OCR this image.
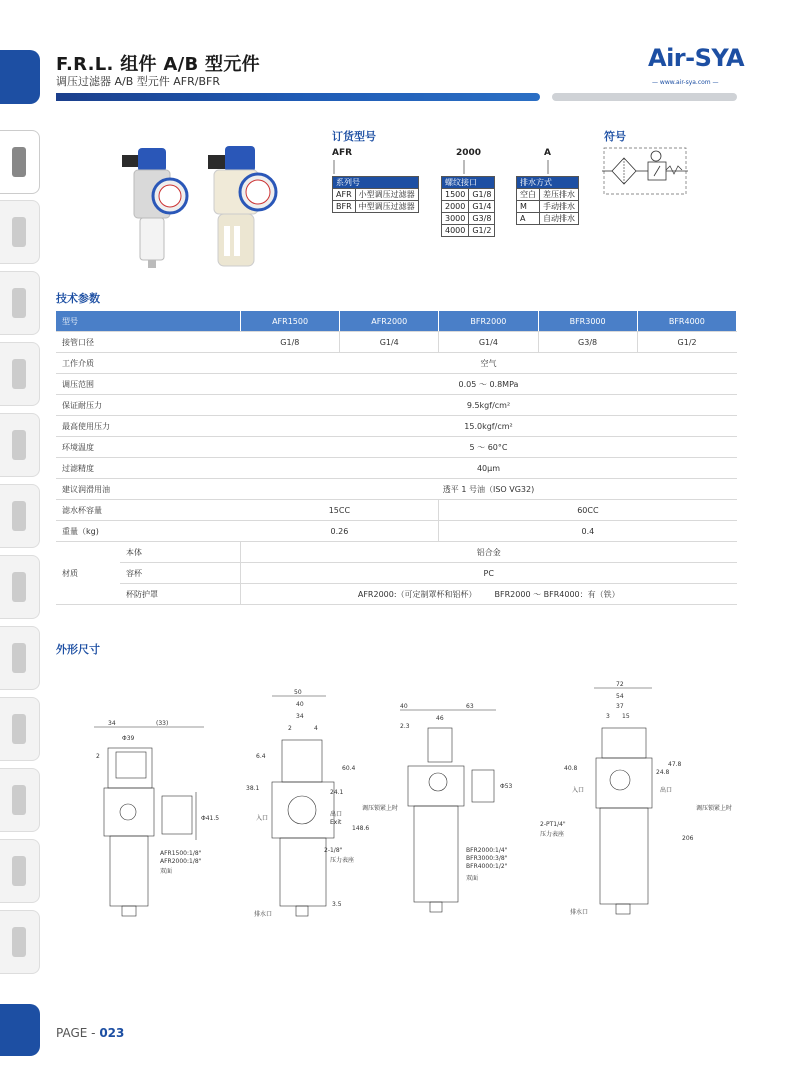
F.R.L. 组件 A/B 型元件
调压过滤器 A/B 型元件 AFR/BFR
Air-SYA
— www.air-sya.com —
订货型号
AFR	2000	A
系列号	
AFR	小型调压过滤器
BFR	中型调压过滤器
螺纹接口	
1500	G1/8
2000	G1/4
3000	G3/8
4000	G1/2
排水方式	
空白	差压排水
M	手动排水
A	自动排水
符号
技术参数
型号		AFR1500	AFR2000	BFR2000	BFR3000	BFR4000
接管口径		G1/8	G1/4	G1/4	G3/8	G1/2
工作介质		空气				
调压范围		0.05 ～ 0.8MPa				
保证耐压力		9.5kgf/cm²				
最高使用压力		15.0kgf/cm²				
环境温度		5 ～ 60°C				
过滤精度		40μm				
建议润滑用油		透平 1 号油（ISO VG32)				
滤水杯容量		15CC		60CC		
重量（kg)		0.26		0.4		
材质	本体	铝合金				
	容杯	PC				
	杯防护罩	AFR2000:（可定制罩杯和铝杯） BFR2000 ～ BFR4000：有（铁）				
外形尺寸
34	(33)
Φ39
2
Φ41.5
AFR1500:1/8"
AFR2000:1/8"
双面
50
40
34
2	4
6.4
38.1
60.4
24.1
148.6
3.5
入口
出口
Exit
2-1/8"
压力表座
排水口
调压锁紧上时
40	63
46
2.3
Φ53
BFR2000:1/4"
BFR3000:3/8"
BFR4000:1/2"
双面
72
54
37
3 15
40.8
24.8
47.8
206
入口	出口
2-PT1/4"
压力表座
排水口
调压锁紧上时
PAGE - 023
